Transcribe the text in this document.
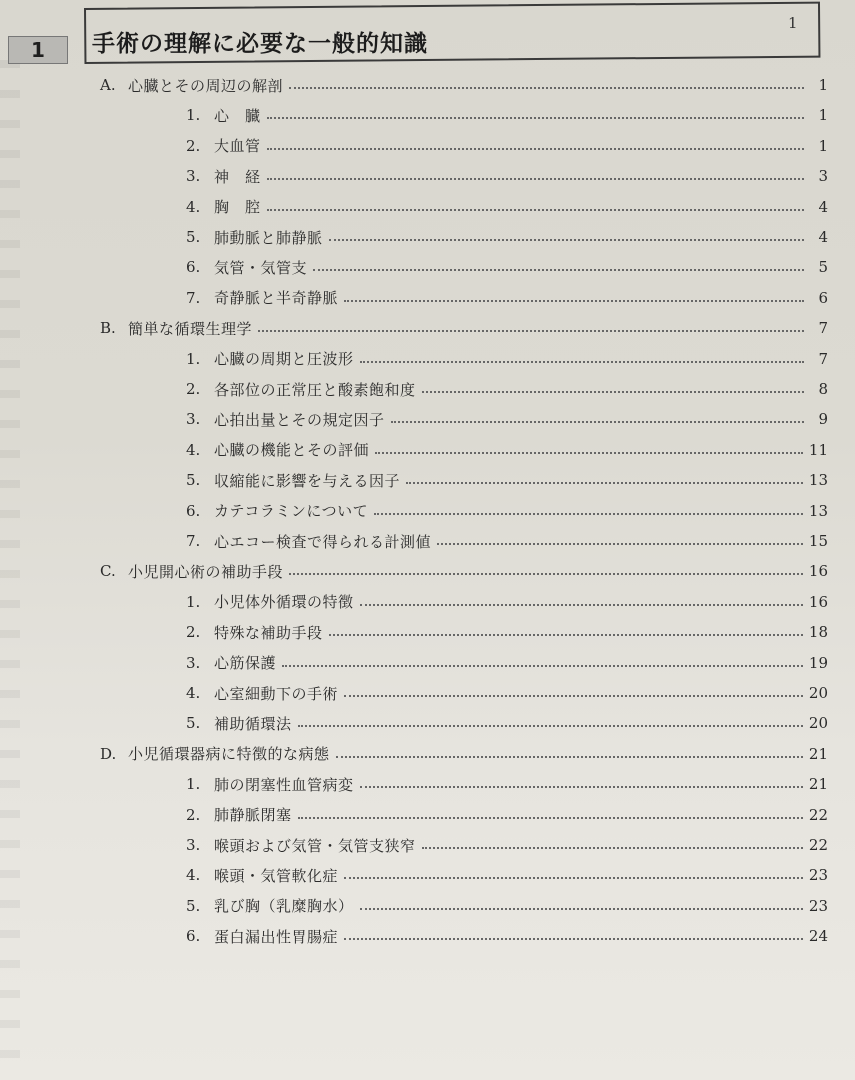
1 手術の理解に必要な一般的知識
1
A. 心臓とその周辺の解剖	1
1. 心　臓	1
2. 大血管	1
3. 神　経	3
4. 胸　腔	4
5. 肺動脈と肺静脈	4
6. 気管・気管支	5
7. 奇静脈と半奇静脈	6
B. 簡単な循環生理学	7
1. 心臓の周期と圧波形	7
2. 各部位の正常圧と酸素飽和度	8
3. 心拍出量とその規定因子	9
4. 心臓の機能とその評価	11
5. 収縮能に影響を与える因子	13
6. カテコラミンについて	13
7. 心エコー検査で得られる計測値	15
C. 小児開心術の補助手段	16
1. 小児体外循環の特徴	16
2. 特殊な補助手段	18
3. 心筋保護	19
4. 心室細動下の手術	20
5. 補助循環法	20
D. 小児循環器病に特徴的な病態	21
1. 肺の閉塞性血管病変	21
2. 肺静脈閉塞	22
3. 喉頭および気管・気管支狭窄	22
4. 喉頭・気管軟化症	23
5. 乳び胸（乳糜胸水）	23
6. 蛋白漏出性胃腸症	24
